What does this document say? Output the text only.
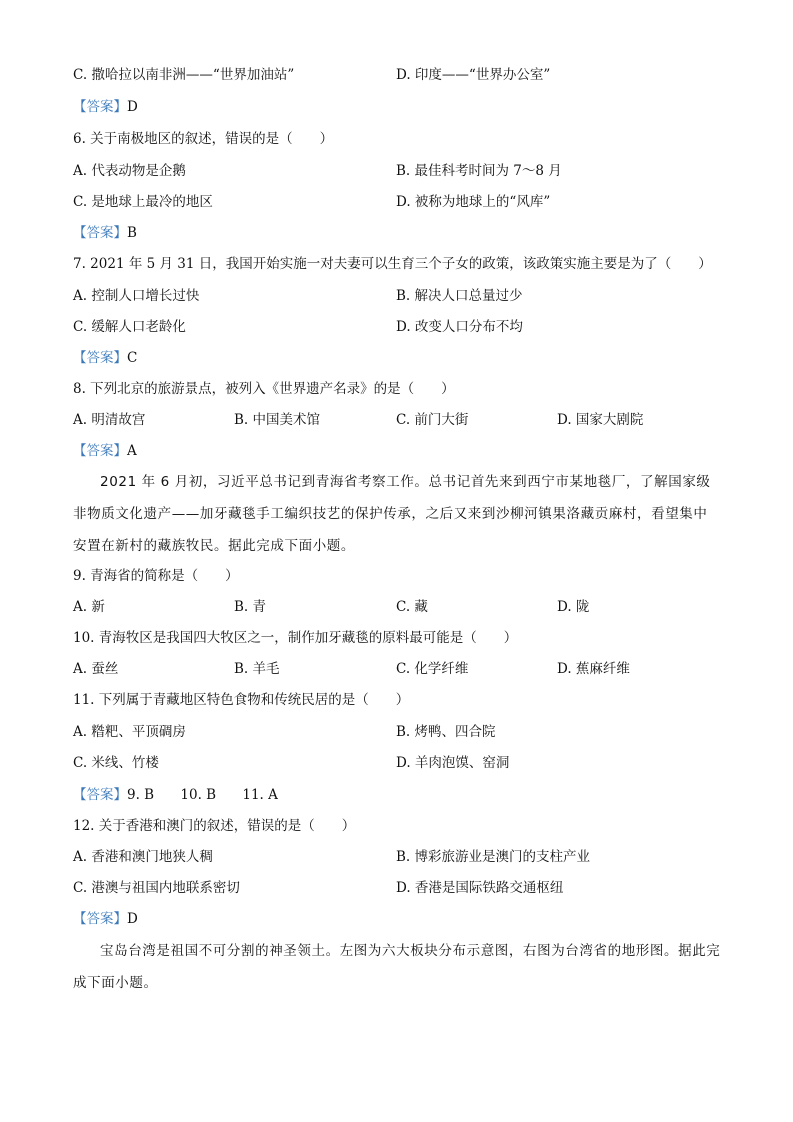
C. 撒哈拉以南非洲——“世界加油站”	D. 印度——“世界办公室”
【答案】D
6. 关于南极地区的叙述，错误的是（　　）
A. 代表动物是企鹅	B. 最佳科考时间为 7～8 月
C. 是地球上最冷的地区	D. 被称为地球上的“风库”
【答案】B
7. 2021 年 5 月 31 日，我国开始实施一对夫妻可以生育三个子女的政策，该政策实施主要是为了（　　）
A. 控制人口增长过快	B. 解决人口总量过少
C. 缓解人口老龄化	D. 改变人口分布不均
【答案】C
8. 下列北京的旅游景点，被列入《世界遗产名录》的是（　　）
A. 明清故宫	B. 中国美术馆	C. 前门大街	D. 国家大剧院
【答案】A

2021 年 6 月初，习近平总书记到青海省考察工作。总书记首先来到西宁市某地毯厂，了解国家级非物质文化遗产——加牙藏毯手工编织技艺的保护传承，之后又来到沙柳河镇果洛藏贡麻村，看望集中安置在新村的藏族牧民。据此完成下面小题。

9. 青海省的简称是（　　）
A. 新	B. 青	C. 藏	D. 陇
10. 青海牧区是我国四大牧区之一，制作加牙藏毯的原料最可能是（　　）
A. 蚕丝	B. 羊毛	C. 化学纤维	D. 蕉麻纤维
11. 下列属于青藏地区特色食物和传统民居的是（　　）
A. 糌粑、平顶碉房	B. 烤鸭、四合院
C. 米线、竹楼	D. 羊肉泡馍、窑洞
【答案】9. B 10. B 11. A
12. 关于香港和澳门的叙述，错误的是（　　）
A. 香港和澳门地狭人稠	B. 博彩旅游业是澳门的支柱产业
C. 港澳与祖国内地联系密切	D. 香港是国际铁路交通枢纽
【答案】D

宝岛台湾是祖国不可分割的神圣领土。左图为六大板块分布示意图，右图为台湾省的地形图。据此完成下面小题。
